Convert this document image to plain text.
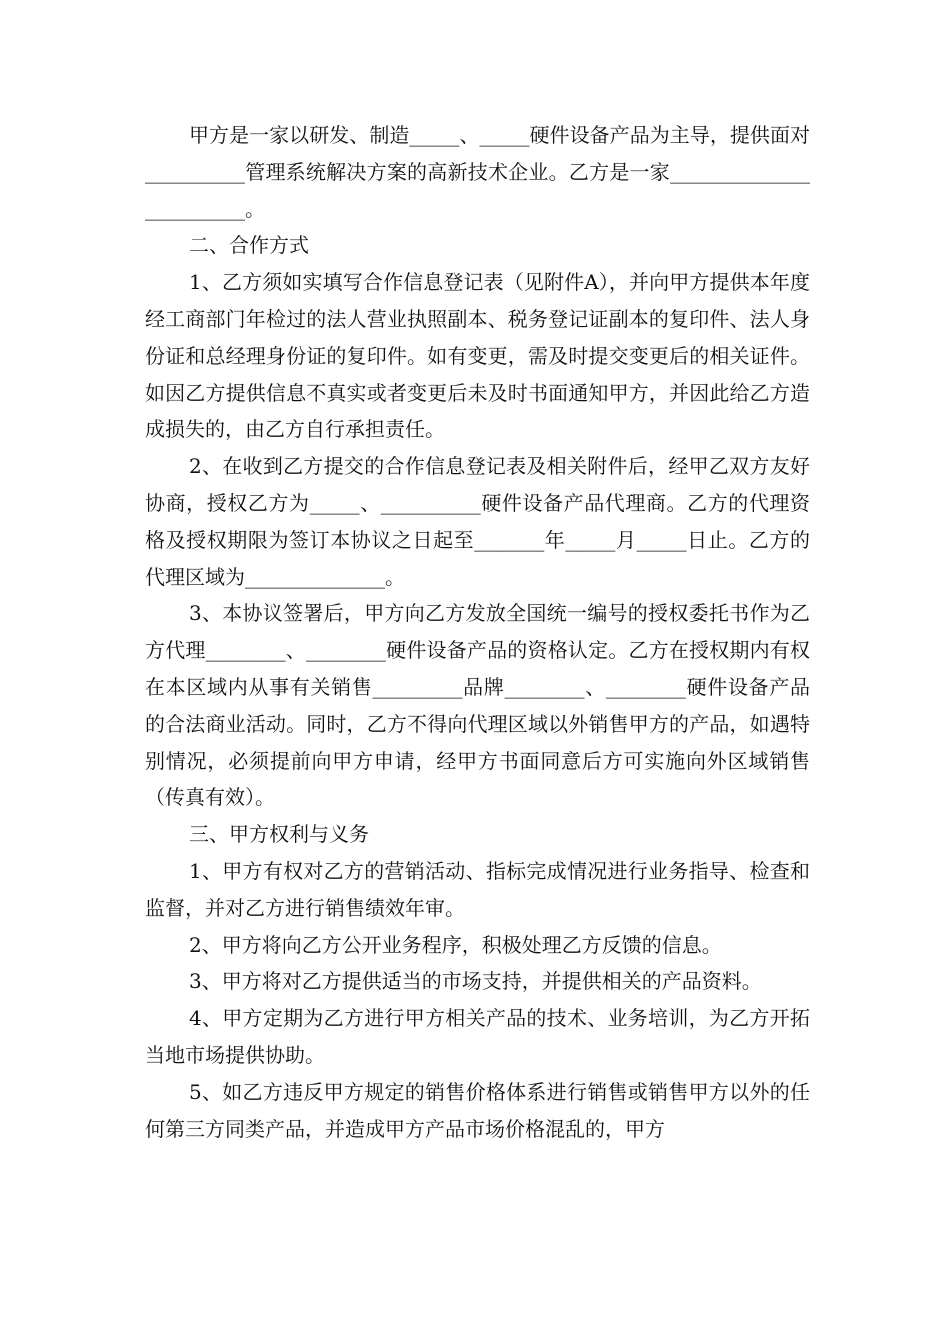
甲方是一家以研发、制造_____、_____硬件设备产品为主导，提供面对__________管理系统解决方案的高新技术企业。乙方是一家________________________。

二、合作方式

1、乙方须如实填写合作信息登记表（见附件A），并向甲方提供本年度经工商部门年检过的法人营业执照副本、税务登记证副本的复印件、法人身份证和总经理身份证的复印件。如有变更，需及时提交变更后的相关证件。如因乙方提供信息不真实或者变更后未及时书面通知甲方，并因此给乙方造成损失的，由乙方自行承担责任。

2、在收到乙方提交的合作信息登记表及相关附件后，经甲乙双方友好协商，授权乙方为_____、__________硬件设备产品代理商。乙方的代理资格及授权期限为签订本协议之日起至_______年_____月_____日止。乙方的代理区域为______________。

3、本协议签署后，甲方向乙方发放全国统一编号的授权委托书作为乙方代理________、________硬件设备产品的资格认定。乙方在授权期内有权在本区域内从事有关销售_________品牌________、________硬件设备产品的合法商业活动。同时，乙方不得向代理区域以外销售甲方的产品，如遇特别情况，必须提前向甲方申请，经甲方书面同意后方可实施向外区域销售（传真有效）。

三、甲方权利与义务

1、甲方有权对乙方的营销活动、指标完成情况进行业务指导、检查和监督，并对乙方进行销售绩效年审。

2、甲方将向乙方公开业务程序，积极处理乙方反馈的信息。

3、甲方将对乙方提供适当的市场支持，并提供相关的产品资料。

4、甲方定期为乙方进行甲方相关产品的技术、业务培训，为乙方开拓当地市场提供协助。

5、如乙方违反甲方规定的销售价格体系进行销售或销售甲方以外的任何第三方同类产品，并造成甲方产品市场价格混乱的，甲方
